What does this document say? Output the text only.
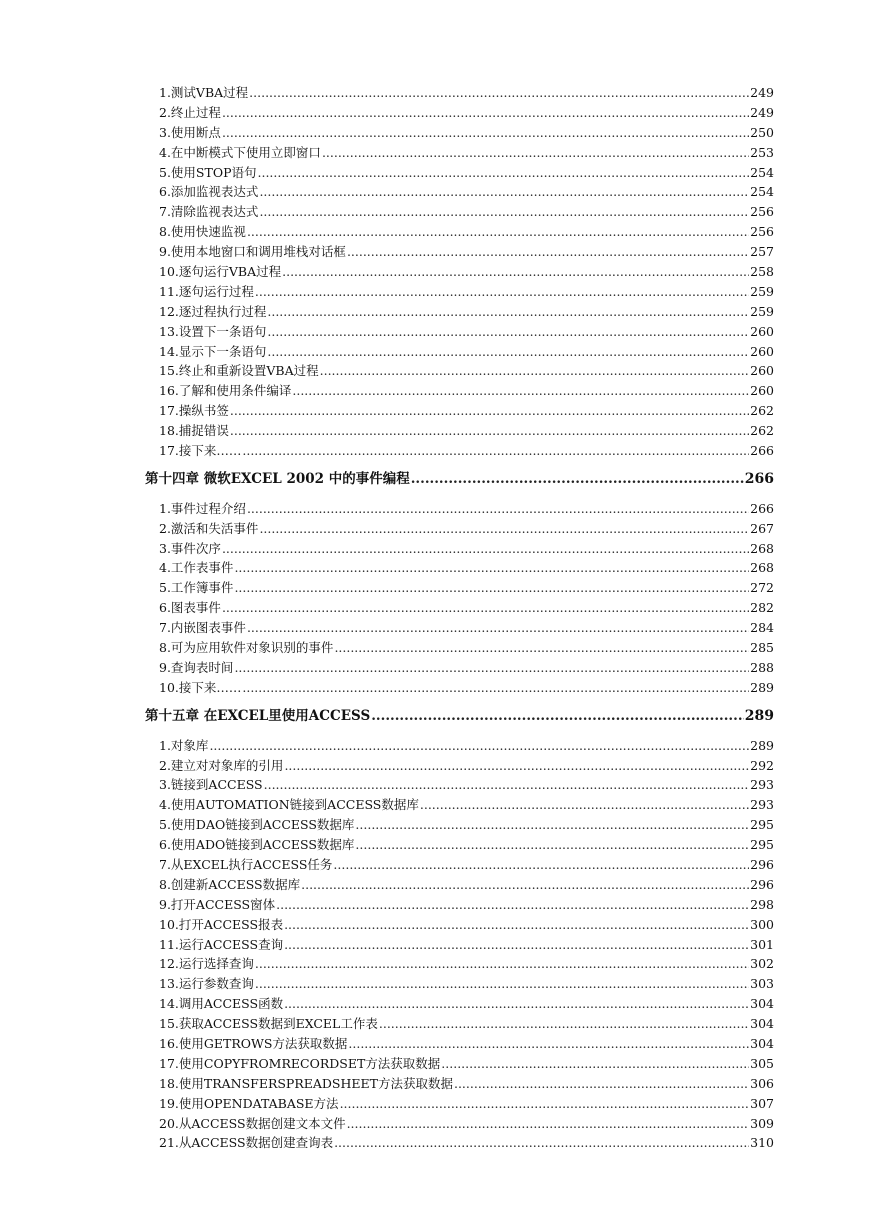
1.测试VBA过程 .....	249
2.终止过程 .....	249
3.使用断点 .....	250
4.在中断模式下使用立即窗口 .....	253
5.使用STOP语句 .....	254
6.添加监视表达式 .....	254
7.清除监视表达式 .....	256
8.使用快速监视 .....	256
9.使用本地窗口和调用堆栈对话框 .....	257
10.逐句运行VBA过程 .....	258
11.逐句运行过程 .....	259
12.逐过程执行过程 .....	259
13.设置下一条语句 .....	260
14.显示下一条语句 .....	260
15.终止和重新设置VBA过程 .....	260
16.了解和使用条件编译 .....	260
17.操纵书签 .....	262
18.捕捉错误 .....	262
17.接下来…… .....	266
第十四章 微软EXCEL 2002 中的事件编程 .....	266
1.事件过程介绍 .....	266
2.激活和失活事件 .....	267
3.事件次序 .....	268
4.工作表事件 .....	268
5.工作簿事件 .....	272
6.图表事件 .....	282
7.内嵌图表事件 .....	284
8.可为应用软件对象识别的事件 .....	285
9.查询表时间 .....	288
10.接下来…… .....	289
第十五章 在EXCEL里使用ACCESS .....	289
1.对象库 .....	289
2.建立对对象库的引用 .....	292
3.链接到ACCESS .....	293
4.使用AUTOMATION链接到ACCESS数据库 .....	293
5.使用DAO链接到ACCESS数据库 .....	295
6.使用ADO链接到ACCESS数据库 .....	295
7.从EXCEL执行ACCESS任务 .....	296
8.创建新ACCESS数据库 .....	296
9.打开ACCESS窗体 .....	298
10.打开ACCESS报表 .....	300
11.运行ACCESS查询 .....	301
12.运行选择查询 .....	302
13.运行参数查询 .....	303
14.调用ACCESS函数 .....	304
15.获取ACCESS数据到EXCEL工作表 .....	304
16.使用GETROWS方法获取数据 .....	304
17.使用COPYFROMRECORDSET方法获取数据 .....	305
18.使用TRANSFERSPREADSHEET方法获取数据 .....	306
19.使用OPENDATABASE方法 .....	307
20.从ACCESS数据创建文本文件 .....	309
21.从ACCESS数据创建查询表 .....	310
